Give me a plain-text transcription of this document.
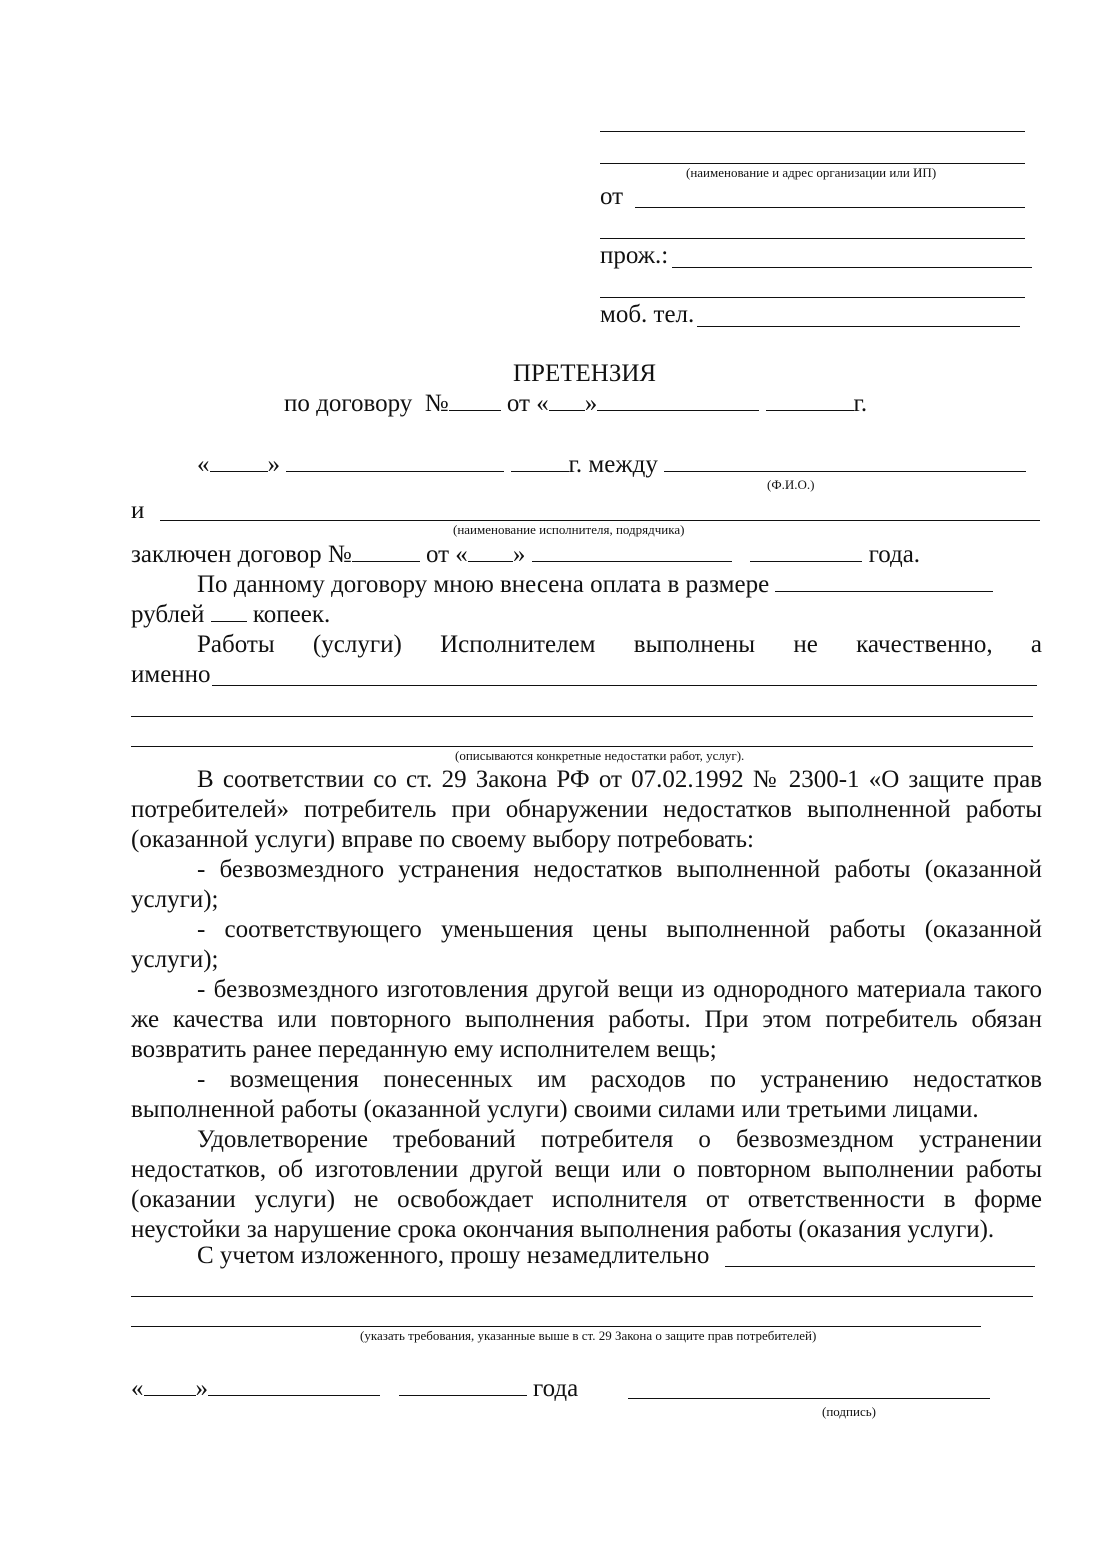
(наименование и адрес организации или ИП)
от
прож.:
моб. тел.
ПРЕТЕНЗИЯ
по договору  № от « »	г.
« »	г. между
(Ф.И.О.)
и
(наименование исполнителя, подрядчика)
заключен договор №	от « »	года.
По данному договору мною внесена оплата в размере
рублей копеек.
Работы (услуги) Исполнителем выполнены не качественно, а
именно
(описываются конкретные недостатки работ, услуг).
В соответствии со ст. 29 Закона РФ от 07.02.1992 № 2300-1 «О защите прав потребителей» потребитель при обнаружении недостатков выполненной работы (оказанной услуги) вправе по своему выбору потребовать:
- безвозмездного устранения недостатков выполненной работы (оказанной услуги);
- соответствующего уменьшения цены выполненной работы (оказанной услуги);
- безвозмездного изготовления другой вещи из однородного материала такого же качества или повторного выполнения работы. При этом потребитель обязан возвратить ранее переданную ему исполнителем вещь;
- возмещения понесенных им расходов по устранению недостатков выполненной работы (оказанной услуги) своими силами или третьими лицами.
Удовлетворение требований потребителя о безвозмездном устранении недостатков, об изготовлении другой вещи или о повторном выполнении работы (оказании услуги) не освобождает исполнителя от ответственности в форме неустойки за нарушение срока окончания выполнения работы (оказания услуги).
С учетом изложенного, прошу незамедлительно
(указать требования, указанные выше в ст. 29 Закона о защите прав потребителей)
« »	года
(подпись)
